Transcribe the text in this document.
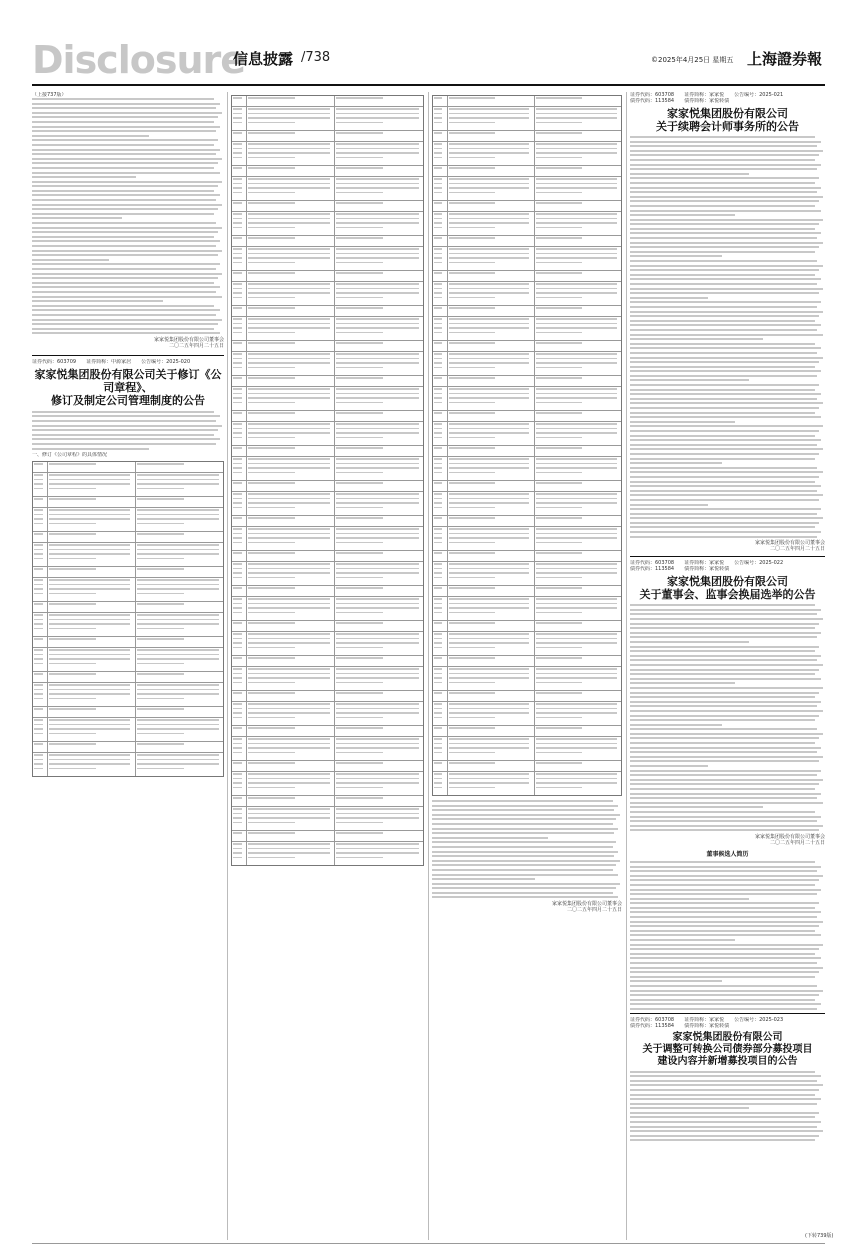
Disclosure
信息披露 /738	©2025年4月25日 星期五 上海證券報
（上接737版）
家家悦集团股份有限公司董事会
二〇二五年四月二十五日
证券代码：603709　　证券简称：中源家居　　公告编号：2025-020
家家悦集团股份有限公司关于修订《公司章程》、
修订及制定公司管理制度的公告
一、修订《公司章程》的具体情况
家家悦集团股份有限公司董事会
二〇二五年四月二十五日
证券代码：603708　　证券简称：家家悦　　公告编号：2025-021
债券代码：113584　　债券简称：家悦转债
家家悦集团股份有限公司
关于续聘会计师事务所的公告
家家悦集团股份有限公司董事会
二〇二五年四月二十五日
证券代码：603708　　证券简称：家家悦　　公告编号：2025-022
债券代码：113584　　债券简称：家悦转债
家家悦集团股份有限公司
关于董事会、监事会换届选举的公告
家家悦集团股份有限公司董事会
二〇二五年四月二十五日
董事候选人简历
证券代码：603708　　证券简称：家家悦　　公告编号：2025-023
债券代码：113584　　债券简称：家悦转债
家家悦集团股份有限公司
关于调整可转换公司债券部分募投项目
建设内容并新增募投项目的公告
(下转739版)
